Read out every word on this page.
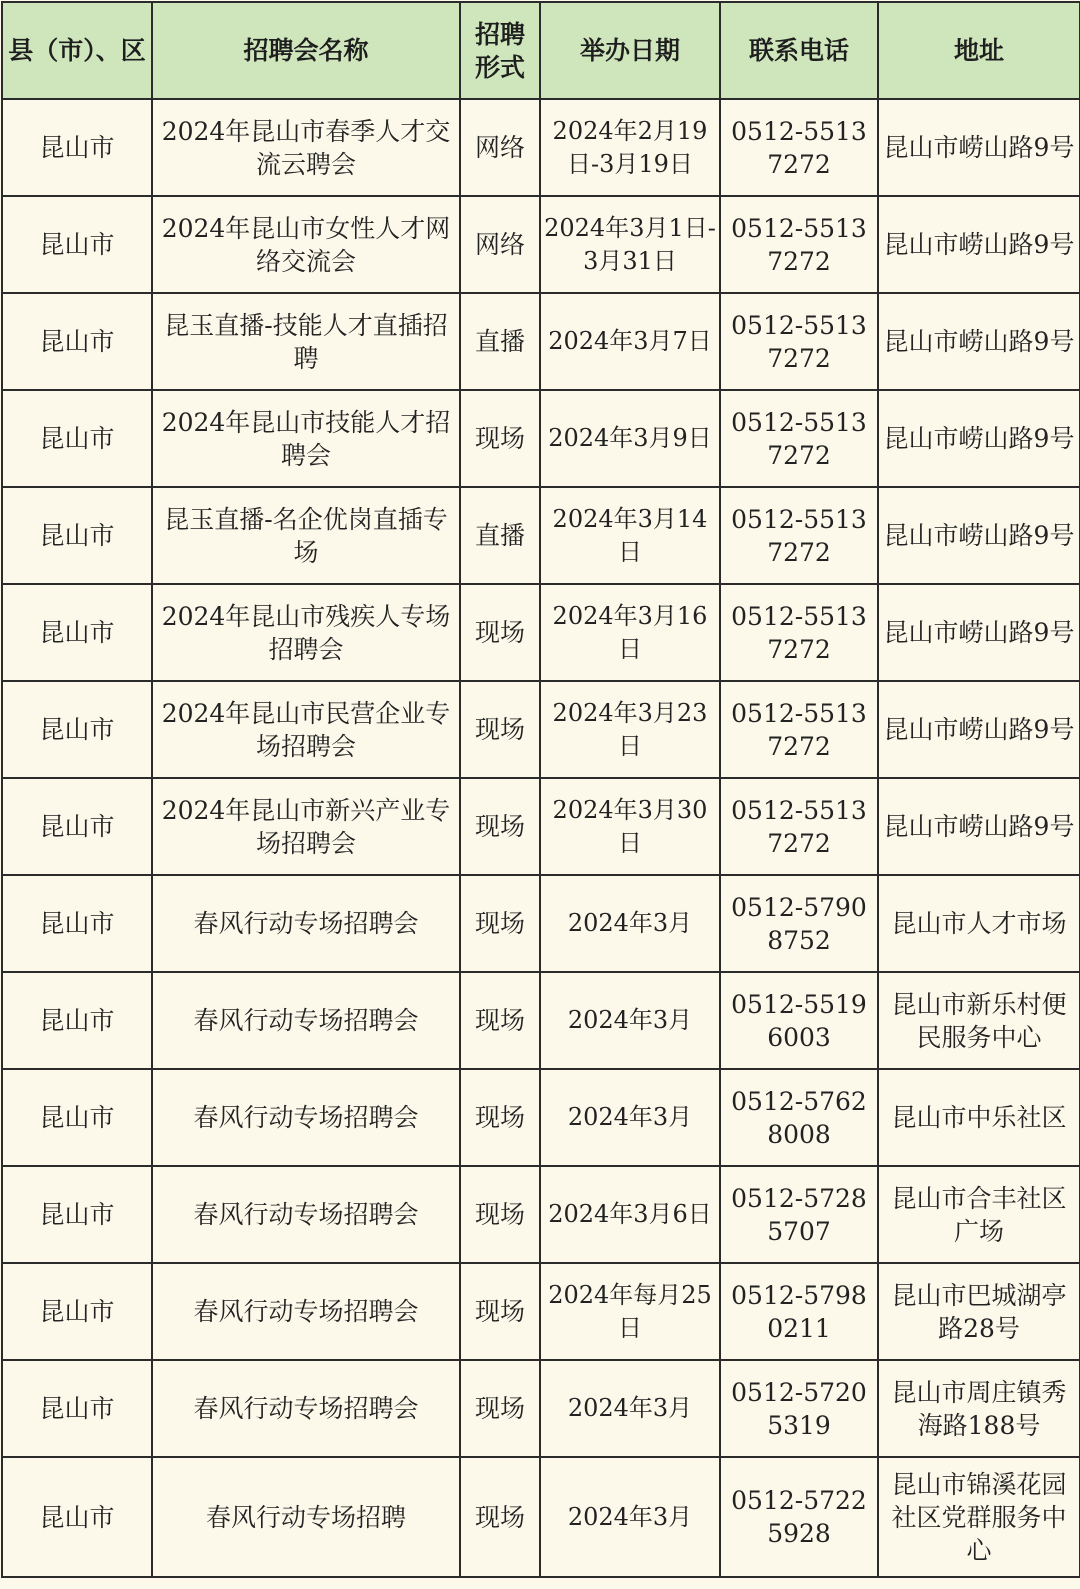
县（市）、区	招聘会名称	招聘形式	举办日期	联系电话	地址
昆山市	2024年昆山市春季人才交流云聘会	网络	2024年2月19日-3月19日	0512-55137272	昆山市崂山路9号
昆山市	2024年昆山市女性人才网络交流会	网络	2024年3月1日-3月31日	0512-55137272	昆山市崂山路9号
昆山市	昆玉直播-技能人才直插招聘	直播	2024年3月7日	0512-55137272	昆山市崂山路9号
昆山市	2024年昆山市技能人才招聘会	现场	2024年3月9日	0512-55137272	昆山市崂山路9号
昆山市	昆玉直播-名企优岗直插专场	直播	2024年3月14日	0512-55137272	昆山市崂山路9号
昆山市	2024年昆山市残疾人专场招聘会	现场	2024年3月16日	0512-55137272	昆山市崂山路9号
昆山市	2024年昆山市民营企业专场招聘会	现场	2024年3月23日	0512-55137272	昆山市崂山路9号
昆山市	2024年昆山市新兴产业专场招聘会	现场	2024年3月30日	0512-55137272	昆山市崂山路9号
昆山市	春风行动专场招聘会	现场	2024年3月	0512-57908752	昆山市人才市场
昆山市	春风行动专场招聘会	现场	2024年3月	0512-55196003	昆山市新乐村便民服务中心
昆山市	春风行动专场招聘会	现场	2024年3月	0512-57628008	昆山市中乐社区
昆山市	春风行动专场招聘会	现场	2024年3月6日	0512-57285707	昆山市合丰社区广场
昆山市	春风行动专场招聘会	现场	2024年每月25日	0512-57980211	昆山市巴城湖亭路28号
昆山市	春风行动专场招聘会	现场	2024年3月	0512-57205319	昆山市周庄镇秀海路188号
昆山市	春风行动专场招聘	现场	2024年3月	0512-57225928	昆山市锦溪花园社区党群服务中心
